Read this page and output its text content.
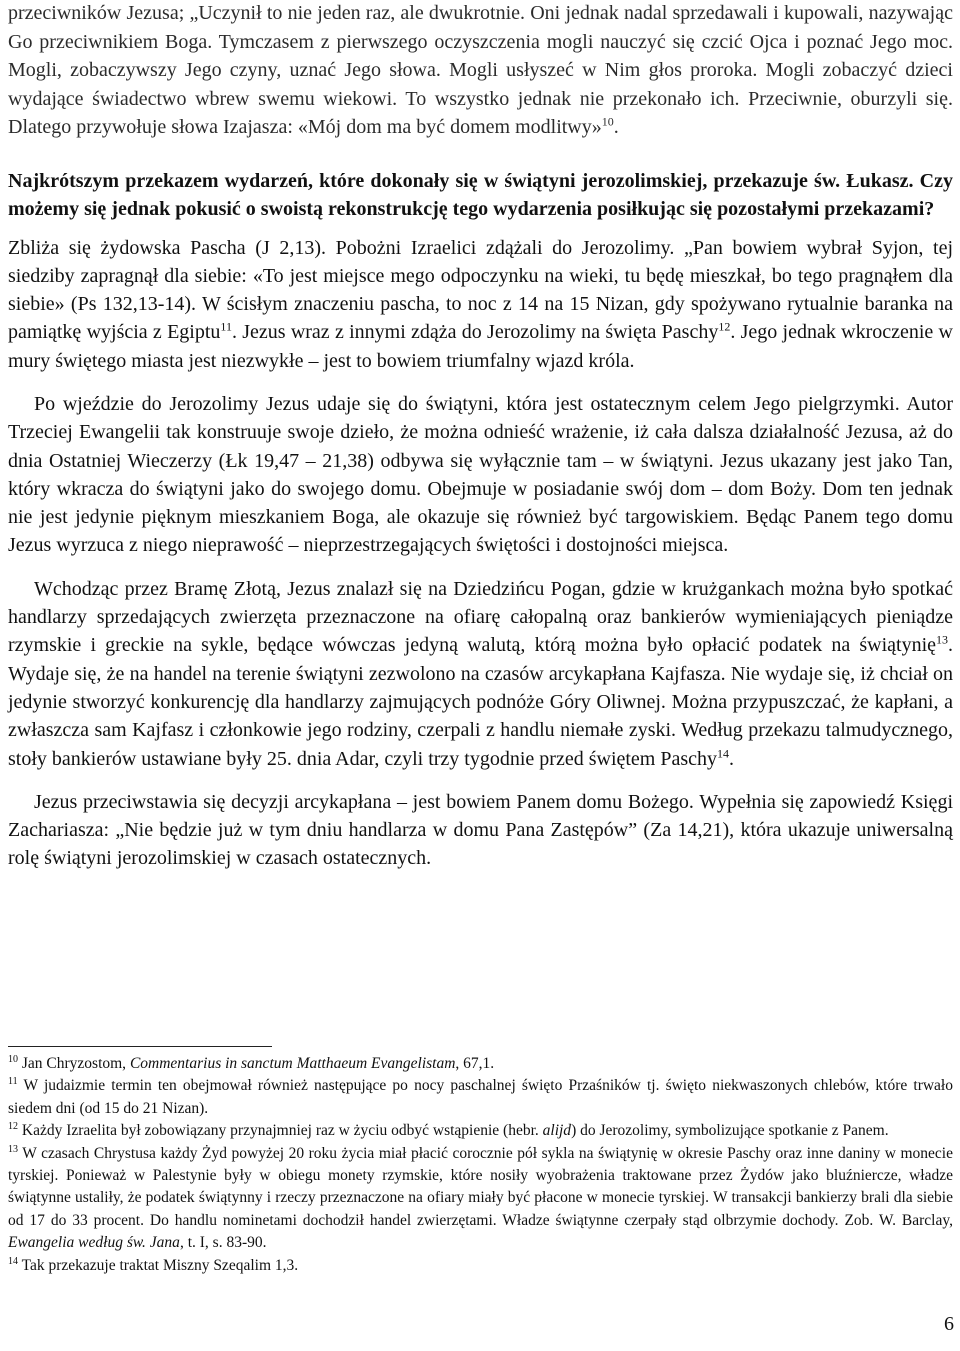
przeciwników Jezusa; „Uczynił to nie jeden raz, ale dwukrotnie. Oni jednak nadal sprzedawali i kupowali, nazywając Go przeciwnikiem Boga. Tymczasem z pierwszego oczyszczenia mogli nauczyć się czcić Ojca i poznać Jego moc. Mogli, zobaczywszy Jego czyny, uznać Jego słowa. Mogli usłyszeć w Nim głos proroka. Mogli zobaczyć dzieci wydające świadectwo wbrew swemu wiekowi. To wszystko jednak nie przekonało ich. Przeciwnie, oburzyli się. Dlatego przywołuje słowa Izajasza: «Mój dom ma być domem modlitwy»$^{10}$.

Najkrótszym przekazem wydarzeń, które dokonały się w świątyni jerozolimskiej, przekazuje św. Łukasz. Czy możemy się jednak pokusić o swoistą rekonstrukcję tego wydarzenia posiłkując się pozostałymi przekazami?

Zbliża się żydowska Pascha (J 2,13). Pobożni Izraelici zdążali do Jerozolimy. „Pan bowiem wybrał Syjon, tej siedziby zapragnął dla siebie: «To jest miejsce mego odpoczynku na wieki, tu będę mieszkał, bo tego pragnąłem dla siebie» (Ps 132,13-14). W ścisłym znaczeniu pascha, to noc z 14 na 15 Nizan, gdy spożywano rytualnie baranka na pamiątkę wyjścia z Egiptu$^{11}$. Jezus wraz z innymi zdąża do Jerozolimy na święta Paschy$^{12}$. Jego jednak wkroczenie w mury świętego miasta jest niezwykłe – jest to bowiem triumfalny wjazd króla.

Po wjeździe do Jerozolimy Jezus udaje się do świątyni, która jest ostatecznym celem Jego pielgrzymki. Autor Trzeciej Ewangelii tak konstruuje swoje dzieło, że można odnieść wrażenie, iż cała dalsza działalność Jezusa, aż do dnia Ostatniej Wieczerzy (Łk 19,47 – 21,38) odbywa się wyłącznie tam – w świątyni. Jezus ukazany jest jako Tan, który wkracza do świątyni jako do swojego domu. Obejmuje w posiadanie swój dom – dom Boży. Dom ten jednak nie jest jedynie pięknym mieszkaniem Boga, ale okazuje się również być targowiskiem. Będąc Panem tego domu Jezus wyrzuca z niego nieprawość – nieprzestrzegających świętości i dostojności miejsca.

Wchodząc przez Bramę Złotą, Jezus znalazł się na Dziedzińcu Pogan, gdzie w krużgankach można było spotkać handlarzy sprzedających zwierzęta przeznaczone na ofiarę całopalną oraz bankierów wymieniających pieniądze rzymskie i greckie na sykle, będące wówczas jedyną walutą, którą można było opłacić podatek na świątynię$^{13}$. Wydaje się, że na handel na terenie świątyni zezwolono na czasów arcykapłana Kajfasza. Nie wydaje się, iż chciał on jedynie stworzyć konkurencję dla handlarzy zajmujących podnóże Góry Oliwnej. Można przypuszczać, że kapłani, a zwłaszcza sam Kajfasz i członkowie jego rodziny, czerpali z handlu niemałe zyski. Według przekazu talmudycznego, stoły bankierów ustawiane były 25. dnia Adar, czyli trzy tygodnie przed świętem Paschy$^{14}$.

Jezus przeciwstawia się decyzji arcykapłana – jest bowiem Panem domu Bożego. Wypełnia się zapowiedź Księgi Zachariasza: „Nie będzie już w tym dniu handlarza w domu Pana Zastępów” (Za 14,21), która ukazuje uniwersalną rolę świątyni jerozolimskiej w czasach ostatecznych.

$^{10}$ Jan Chryzostom, Commentarius in sanctum Matthaeum Evangelistam, 67,1.

$^{11}$ W judaizmie termin ten obejmował również następujące po nocy paschalnej święto Przaśników tj. święto niekwaszonych chlebów, które trwało siedem dni (od 15 do 21 Nizan).

$^{12}$ Każdy Izraelita był zobowiązany przynajmniej raz w życiu odbyć wstąpienie (hebr. alijd) do Jerozolimy, symbolizujące spotkanie z Panem.

$^{13}$ W czasach Chrystusa każdy Żyd powyżej 20 roku życia miał płacić corocznie pół sykla na świątynię w okresie Paschy oraz inne daniny w monecie tyrskiej. Ponieważ w Palestynie były w obiegu monety rzymskie, które nosiły wyobrażenia traktowane przez Żydów jako bluźniercze, władze świątynne ustaliły, że podatek świątynny i rzeczy przeznaczone na ofiary miały być płacone w monecie tyrskiej. W transakcji bankierzy brali dla siebie od 17 do 33 procent. Do handlu nominetami dochodził handel zwierzętami. Władze świątynne czerpały stąd olbrzymie dochody. Zob. W. Barclay, Ewangelia według św. Jana, t. I, s. 83-90.

$^{14}$ Tak przekazuje traktat Miszny Szeqalim 1,3.

6
